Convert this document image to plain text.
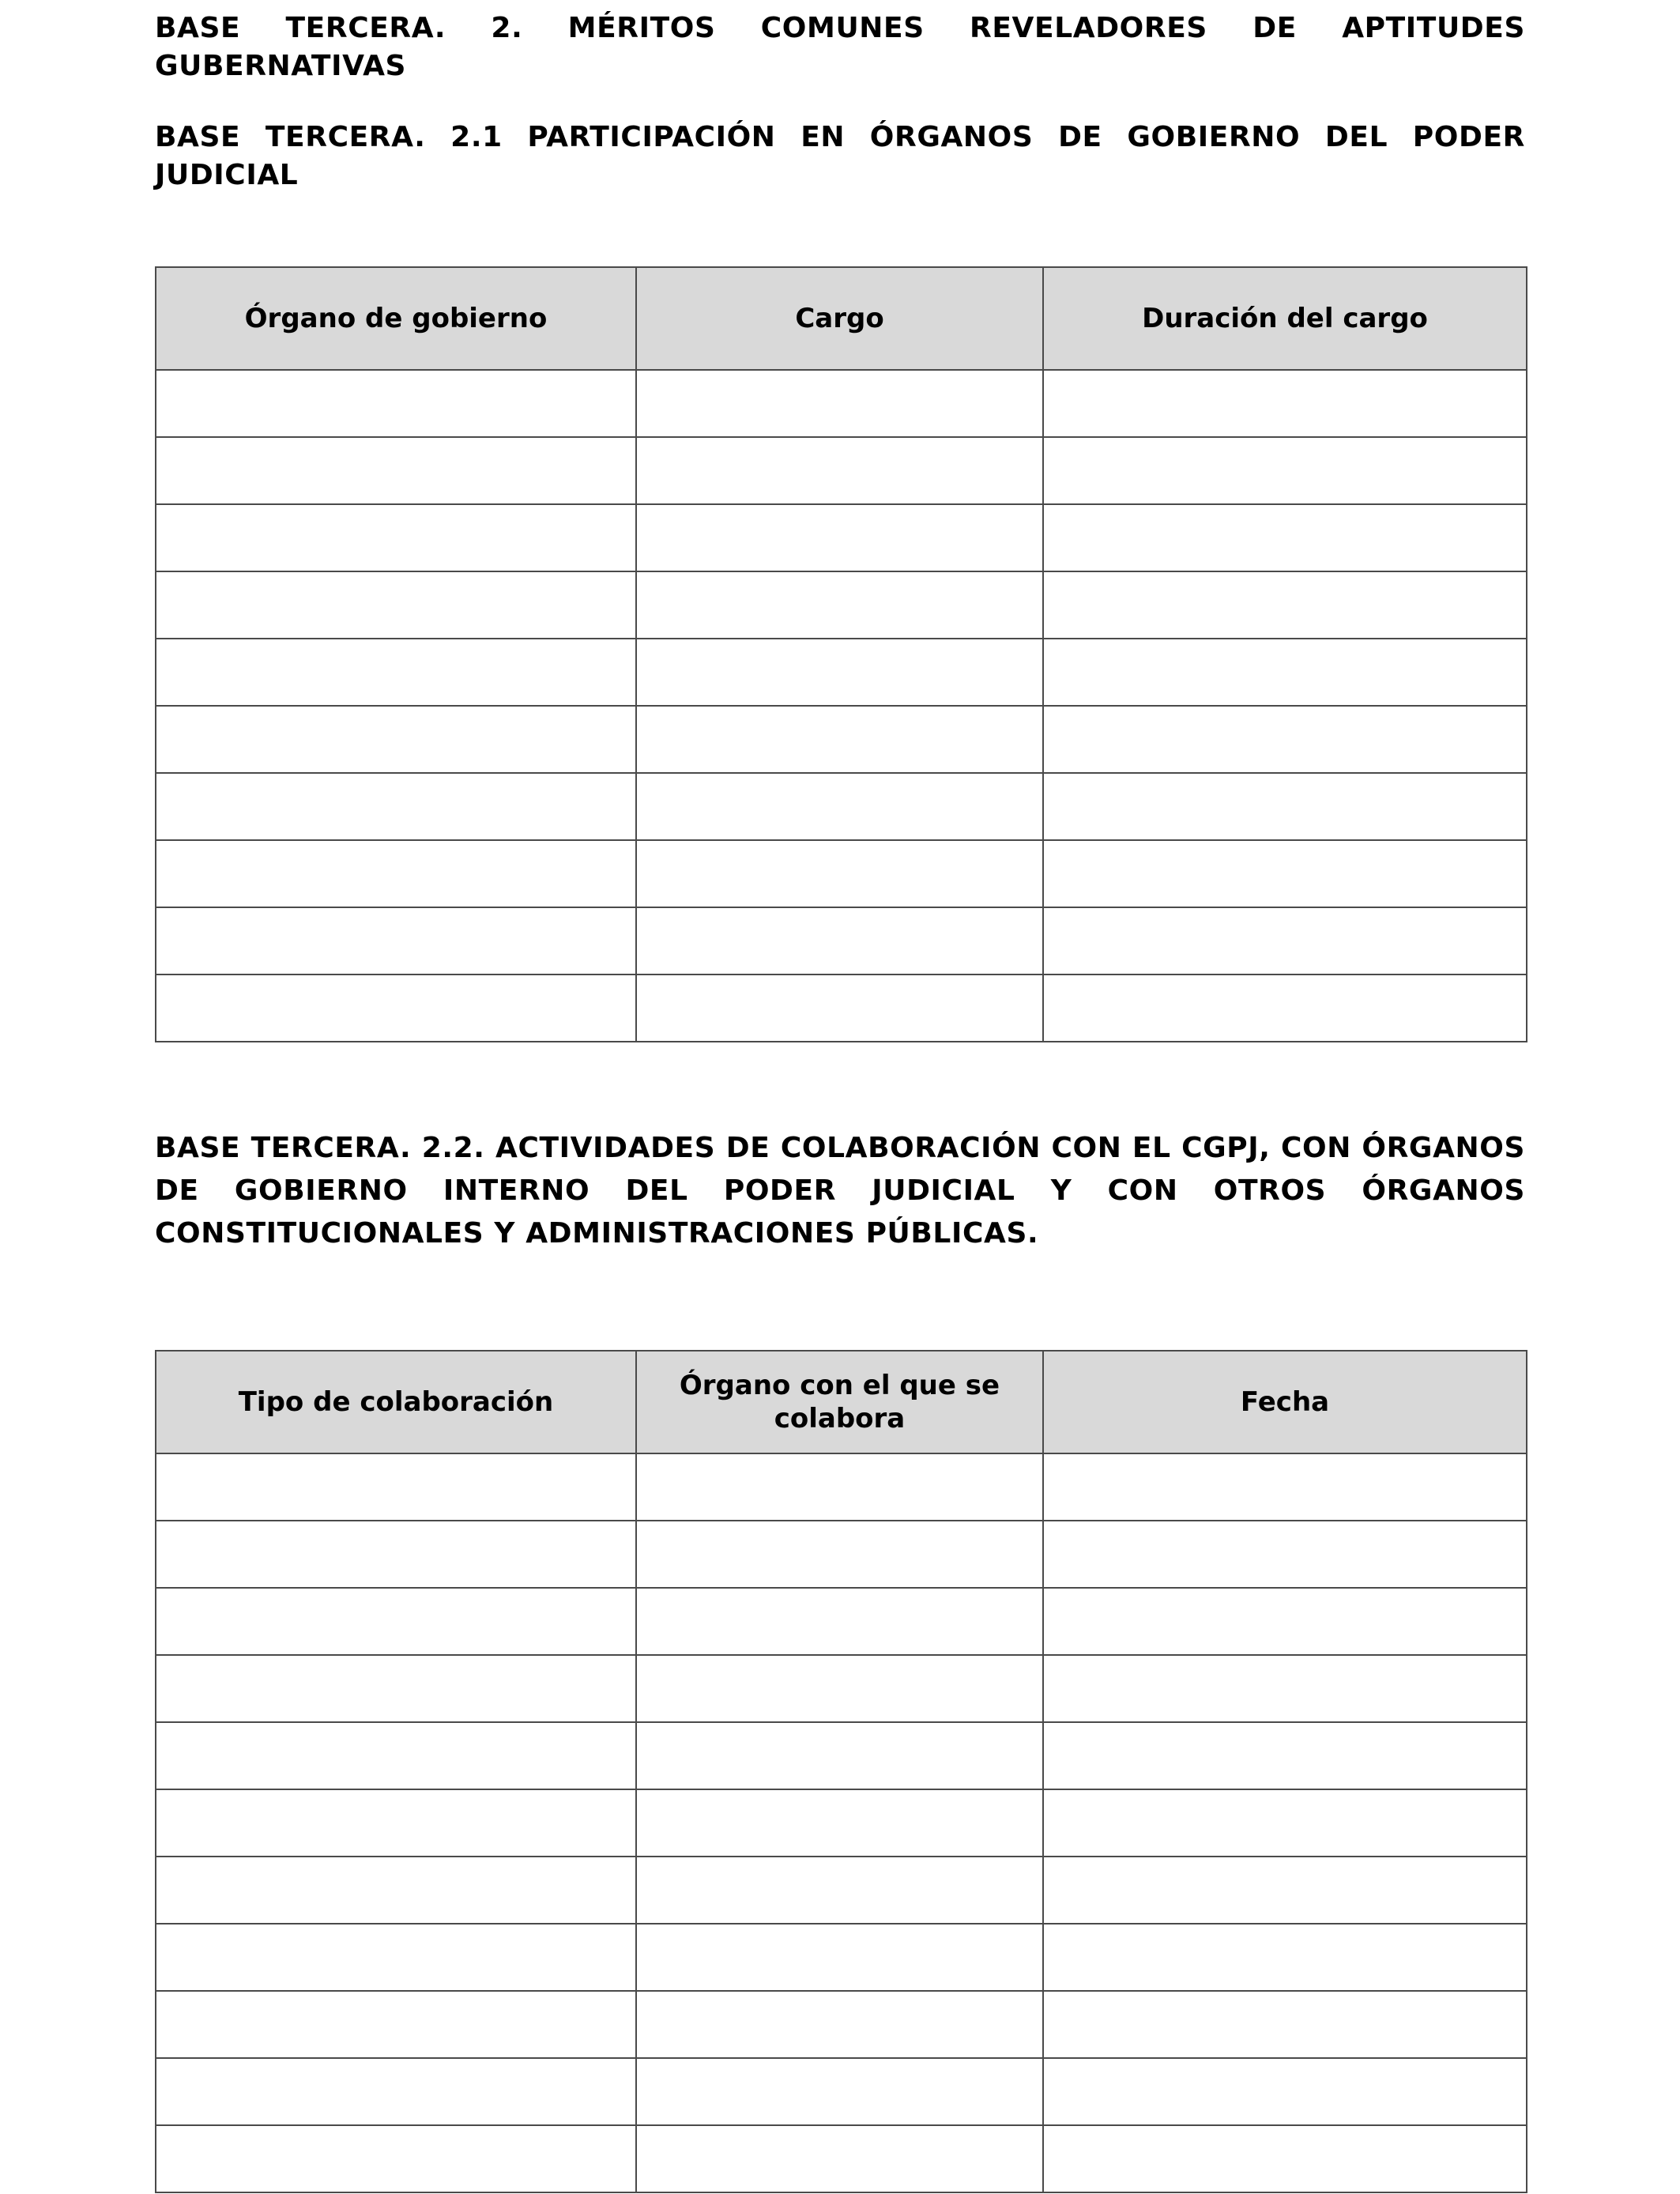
BASE TERCERA. 2. MÉRITOS COMUNES REVELADORES DE APTITUDES GUBERNATIVAS

BASE TERCERA. 2.1 PARTICIPACIÓN EN ÓRGANOS DE GOBIERNO DEL PODER JUDICIAL

Órgano de gobierno	Cargo	Duración del cargo

BASE TERCERA. 2.2. ACTIVIDADES DE COLABORACIÓN CON EL CGPJ, CON ÓRGANOS DE GOBIERNO INTERNO DEL PODER JUDICIAL Y CON OTROS ÓRGANOS CONSTITUCIONALES Y ADMINISTRACIONES PÚBLICAS.

Tipo de colaboración	Órgano con el que se colabora	Fecha
